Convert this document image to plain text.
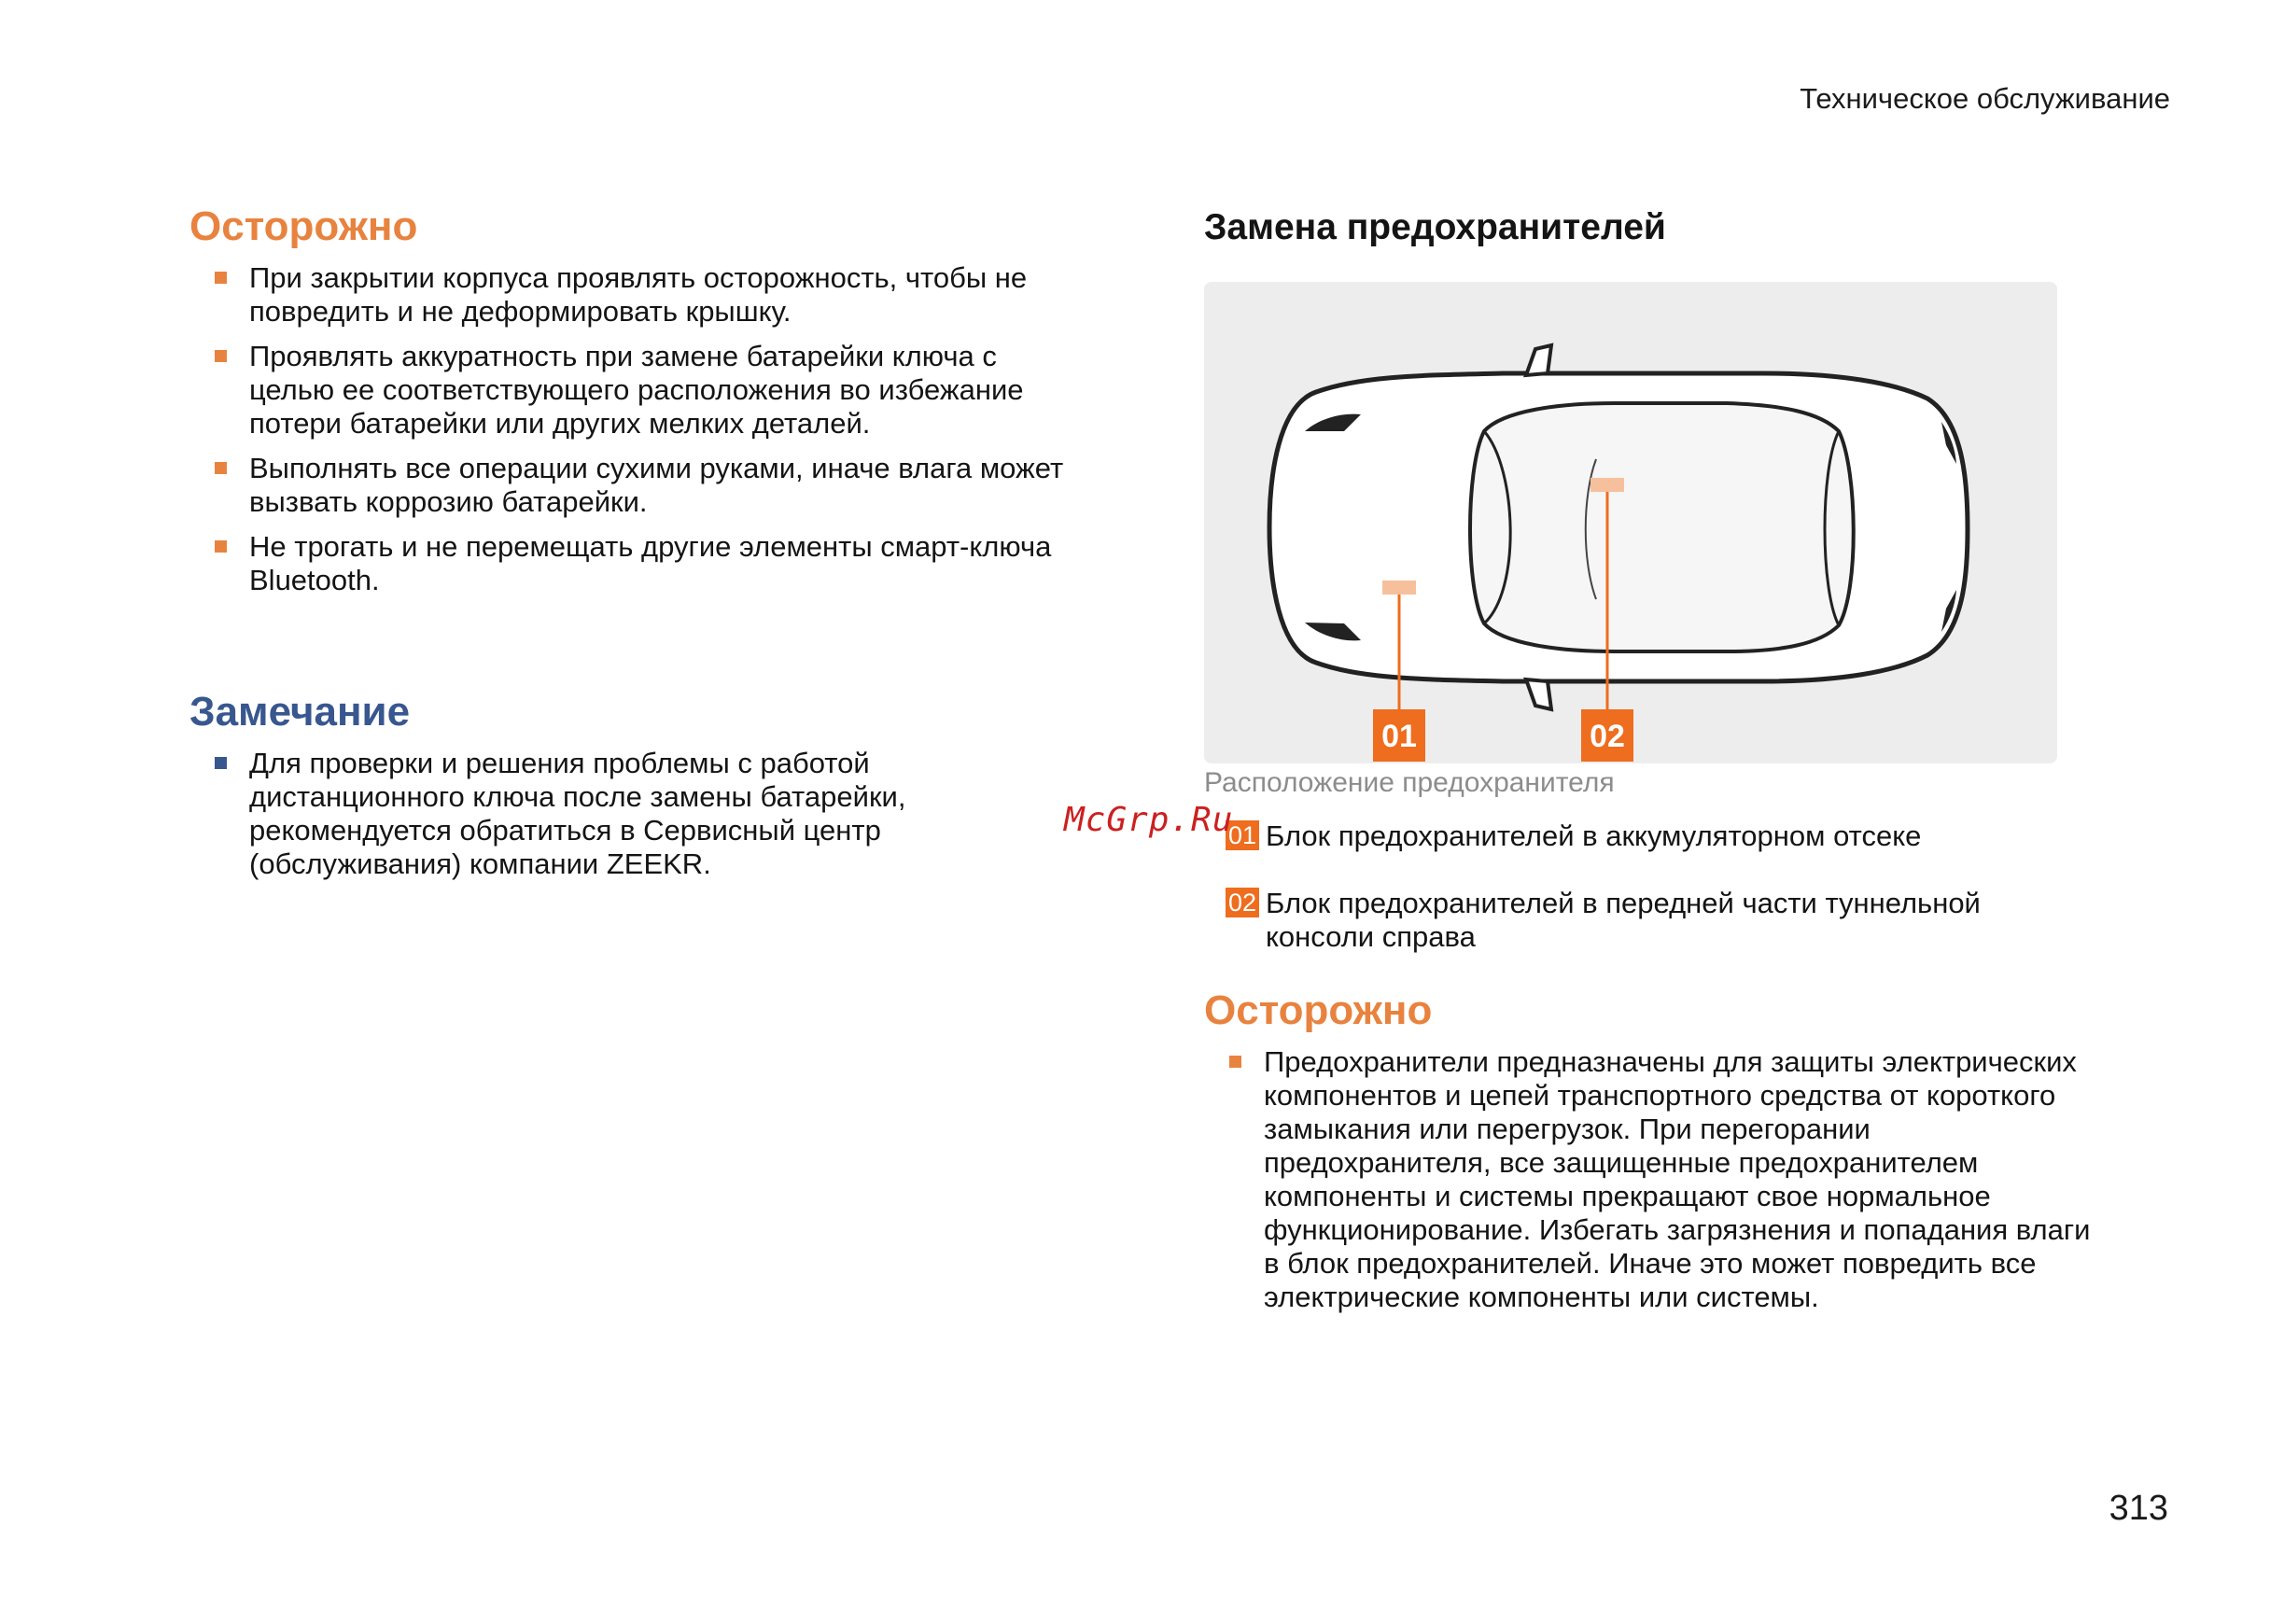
Техническое обслуживание
Осторожно
При закрытии корпуса проявлять осторожность, чтобы не повредить и не деформировать крышку.
Проявлять аккуратность при замене батарейки ключа с целью ее соответствующего расположения во избежание потери батарейки или других мелких деталей.
Выполнять все операции сухими руками, иначе влага может вызвать коррозию батарейки.
Не трогать и не перемещать другие элементы смарт-ключа Bluetooth.
Замечание
Для проверки и решения проблемы с работой дистанционного ключа после замены батарейки, рекомендуется обратиться в Сервисный центр (обслуживания) компании ZEEKR.
Замена предохранителей
01	02
Расположение предохранителя
01 Блок предохранителей в аккумуляторном отсеке
02 Блок предохранителей в передней части туннельной консоли справа
Осторожно
Предохранители предназначены для защиты электрических компонентов и цепей транспортного средства от короткого замыкания или перегрузок. При перегорании предохранителя, все защищенные предохранителем компоненты и системы прекращают свое нормальное функционирование. Избегать загрязнения и попадания влаги в блок предохранителей. Иначе это может повредить все электрические компоненты или системы.
McGrp.Ru
313
